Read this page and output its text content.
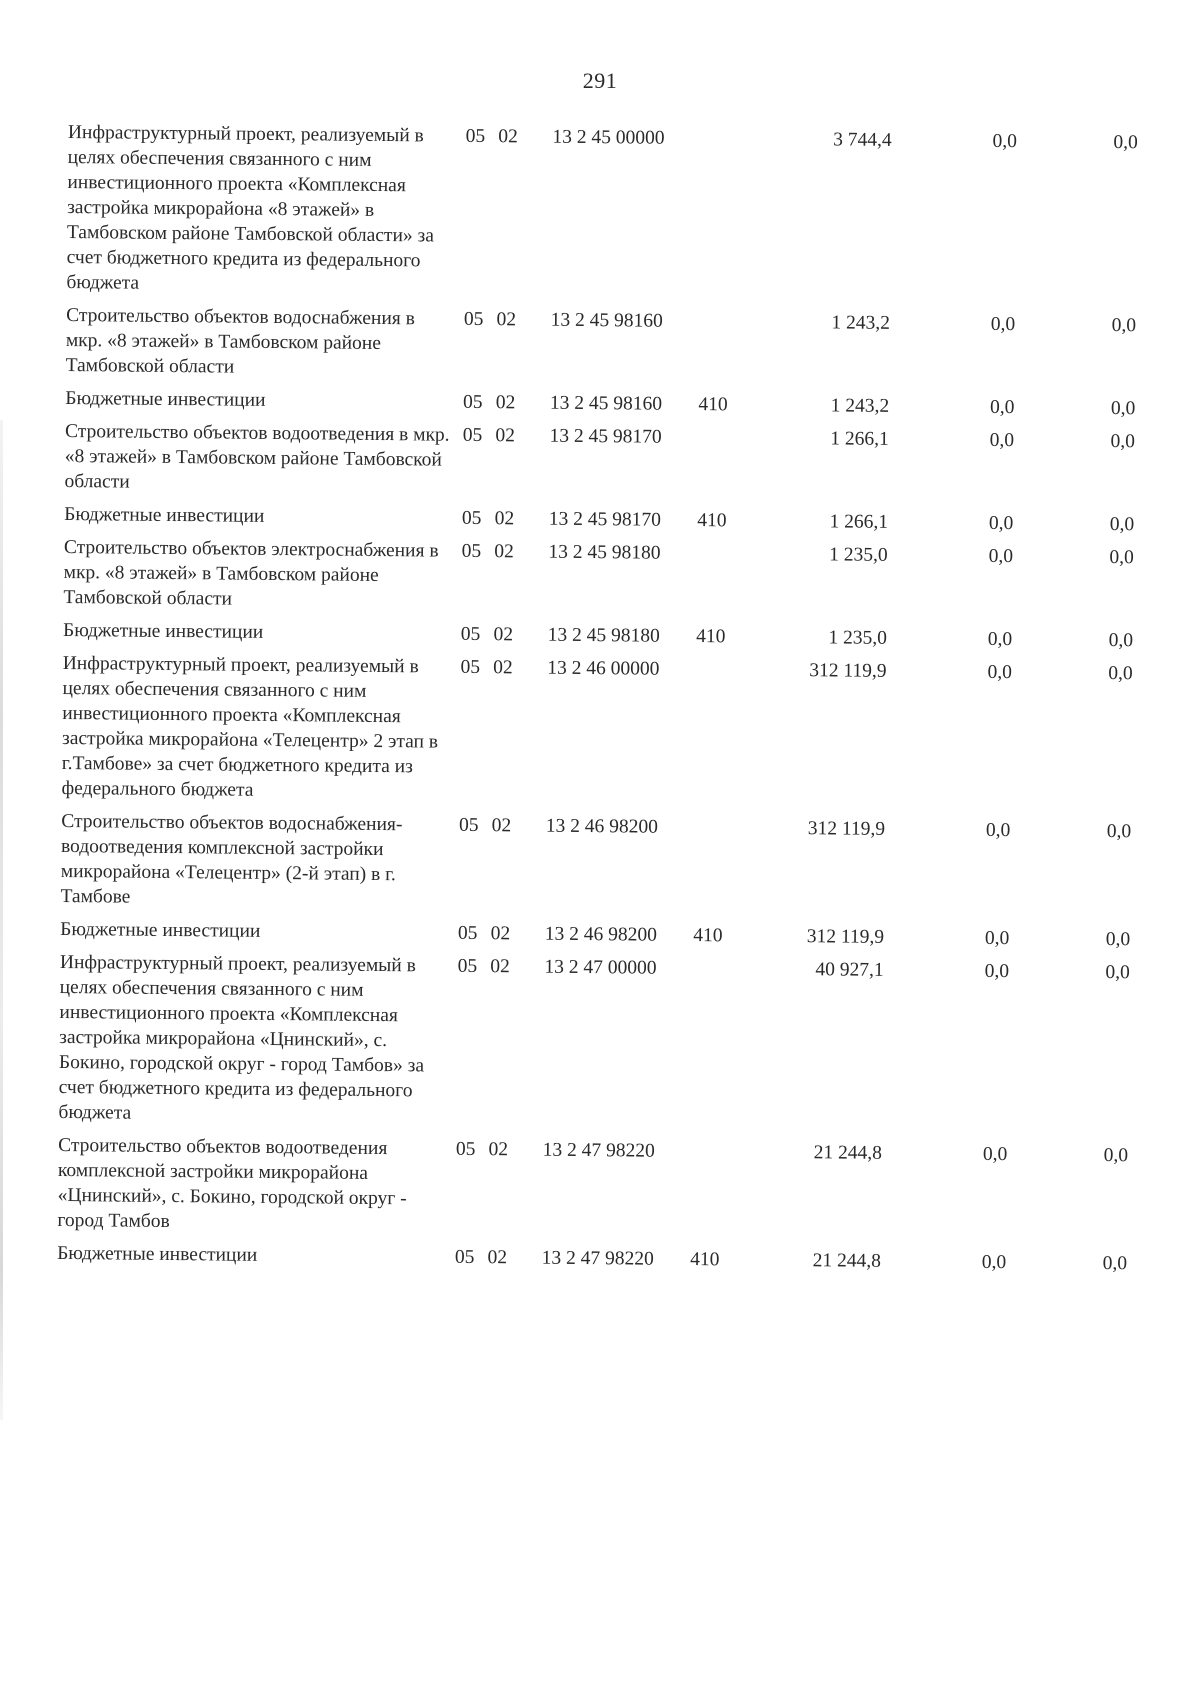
291
Инфраструктурный проект, реализуемый в целях обеспечения связанного с ним инвестиционного проекта «Комплексная застройка микрорайона «8 этажей» в Тамбовском районе Тамбовской области» за счет бюджетного кредита из федерального бюджета	05	02	13 2 45 00000		3 744,4	0,0	0,0
Строительство объектов водоснабжения в мкр. «8 этажей» в Тамбовском районе Тамбовской области	05	02	13 2 45 98160		1 243,2	0,0	0,0
Бюджетные инвестиции	05	02	13 2 45 98160	410	1 243,2	0,0	0,0
Строительство объектов водоотведения в мкр. «8 этажей» в Тамбовском районе Тамбовской области	05	02	13 2 45 98170		1 266,1	0,0	0,0
Бюджетные инвестиции	05	02	13 2 45 98170	410	1 266,1	0,0	0,0
Строительство объектов электроснабжения в мкр. «8 этажей» в Тамбовском районе Тамбовской области	05	02	13 2 45 98180		1 235,0	0,0	0,0
Бюджетные инвестиции	05	02	13 2 45 98180	410	1 235,0	0,0	0,0
Инфраструктурный проект, реализуемый в целях обеспечения связанного с ним инвестиционного проекта «Комплексная застройка микрорайона «Телецентр» 2 этап в г.Тамбове» за счет бюджетного кредита из федерального бюджета	05	02	13 2 46 00000		312 119,9	0,0	0,0
Строительство объектов водоснабжения-водоотведения комплексной застройки микрорайона «Телецентр» (2-й этап) в г. Тамбове	05	02	13 2 46 98200		312 119,9	0,0	0,0
Бюджетные инвестиции	05	02	13 2 46 98200	410	312 119,9	0,0	0,0
Инфраструктурный проект, реализуемый в целях обеспечения связанного с ним инвестиционного проекта «Комплексная застройка микрорайона «Цнинский», с. Бокино, городской округ - город Тамбов» за счет бюджетного кредита из федерального бюджета	05	02	13 2 47 00000		40 927,1	0,0	0,0
Строительство объектов водоотведения комплексной застройки микрорайона «Цнинский», с. Бокино, городской округ - город Тамбов	05	02	13 2 47 98220		21 244,8	0,0	0,0
Бюджетные инвестиции	05	02	13 2 47 98220	410	21 244,8	0,0	0,0
